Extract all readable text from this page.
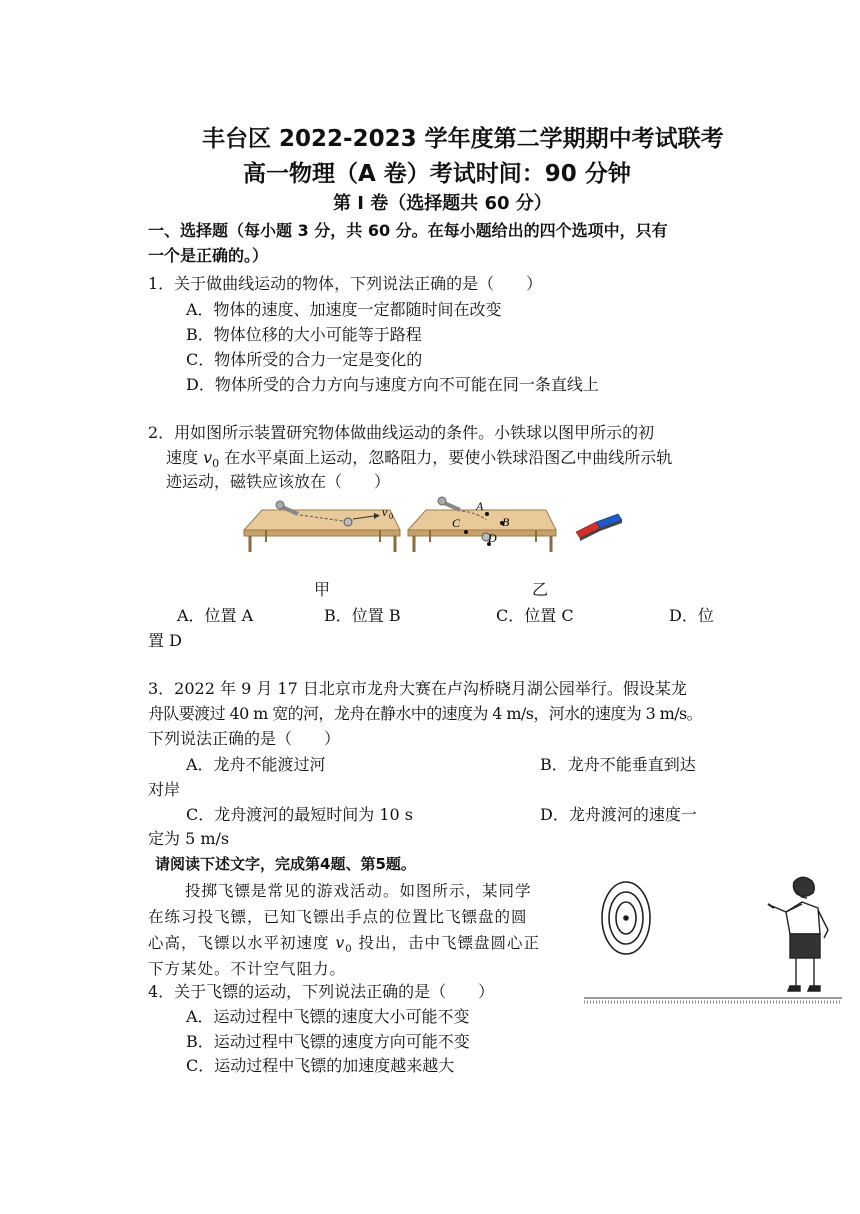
丰台区 2022-2023 学年度第二学期期中考试联考
高一物理（A 卷）考试时间：90 分钟
第 I 卷（选择题共 60 分）
一、选择题（每小题 3 分，共 60 分。在每小题给出的四个选项中，只有
一个是正确的。）
1．关于做曲线运动的物体，下列说法正确的是（　　）
A．物体的速度、加速度一定都随时间在改变
B．物体位移的大小可能等于路程
C．物体所受的合力一定是变化的
D．物体所受的合力方向与速度方向不可能在同一条直线上
2．用如图所示装置研究物体做曲线运动的条件。小铁球以图甲所示的初
速度 $v_0$ 在水平桌面上运动，忽略阻力，要使小铁球沿图乙中曲线所示轨
迹运动，磁铁应该放在（　　）
v 0
A
B
C
D
甲	乙
A．位置 A	B．位置 B	C．位置 C	D．位
置 D
3．2022 年 9 月 17 日北京市龙舟大赛在卢沟桥晓月湖公园举行。假设某龙
舟队要渡过 40 m 宽的河，龙舟在静水中的速度为 4 m/s，河水的速度为 3 m/s。
下列说法正确的是（　　）
A．龙舟不能渡过河	B．龙舟不能垂直到达
对岸
C．龙舟渡河的最短时间为 10 s	D．龙舟渡河的速度一
定为 5 m/s
请阅读下述文字，完成第4题、第5题。
投掷飞镖是常见的游戏活动。如图所示，某同学
在练习投飞镖，已知飞镖出手点的位置比飞镖盘的圆
心高，飞镖以水平初速度 $v_0$ 投出，击中飞镖盘圆心正
下方某处。不计空气阻力。
4．关于飞镖的运动，下列说法正确的是（　　）
A．运动过程中飞镖的速度大小可能不变
B．运动过程中飞镖的速度方向可能不变
C．运动过程中飞镖的加速度越来越大
